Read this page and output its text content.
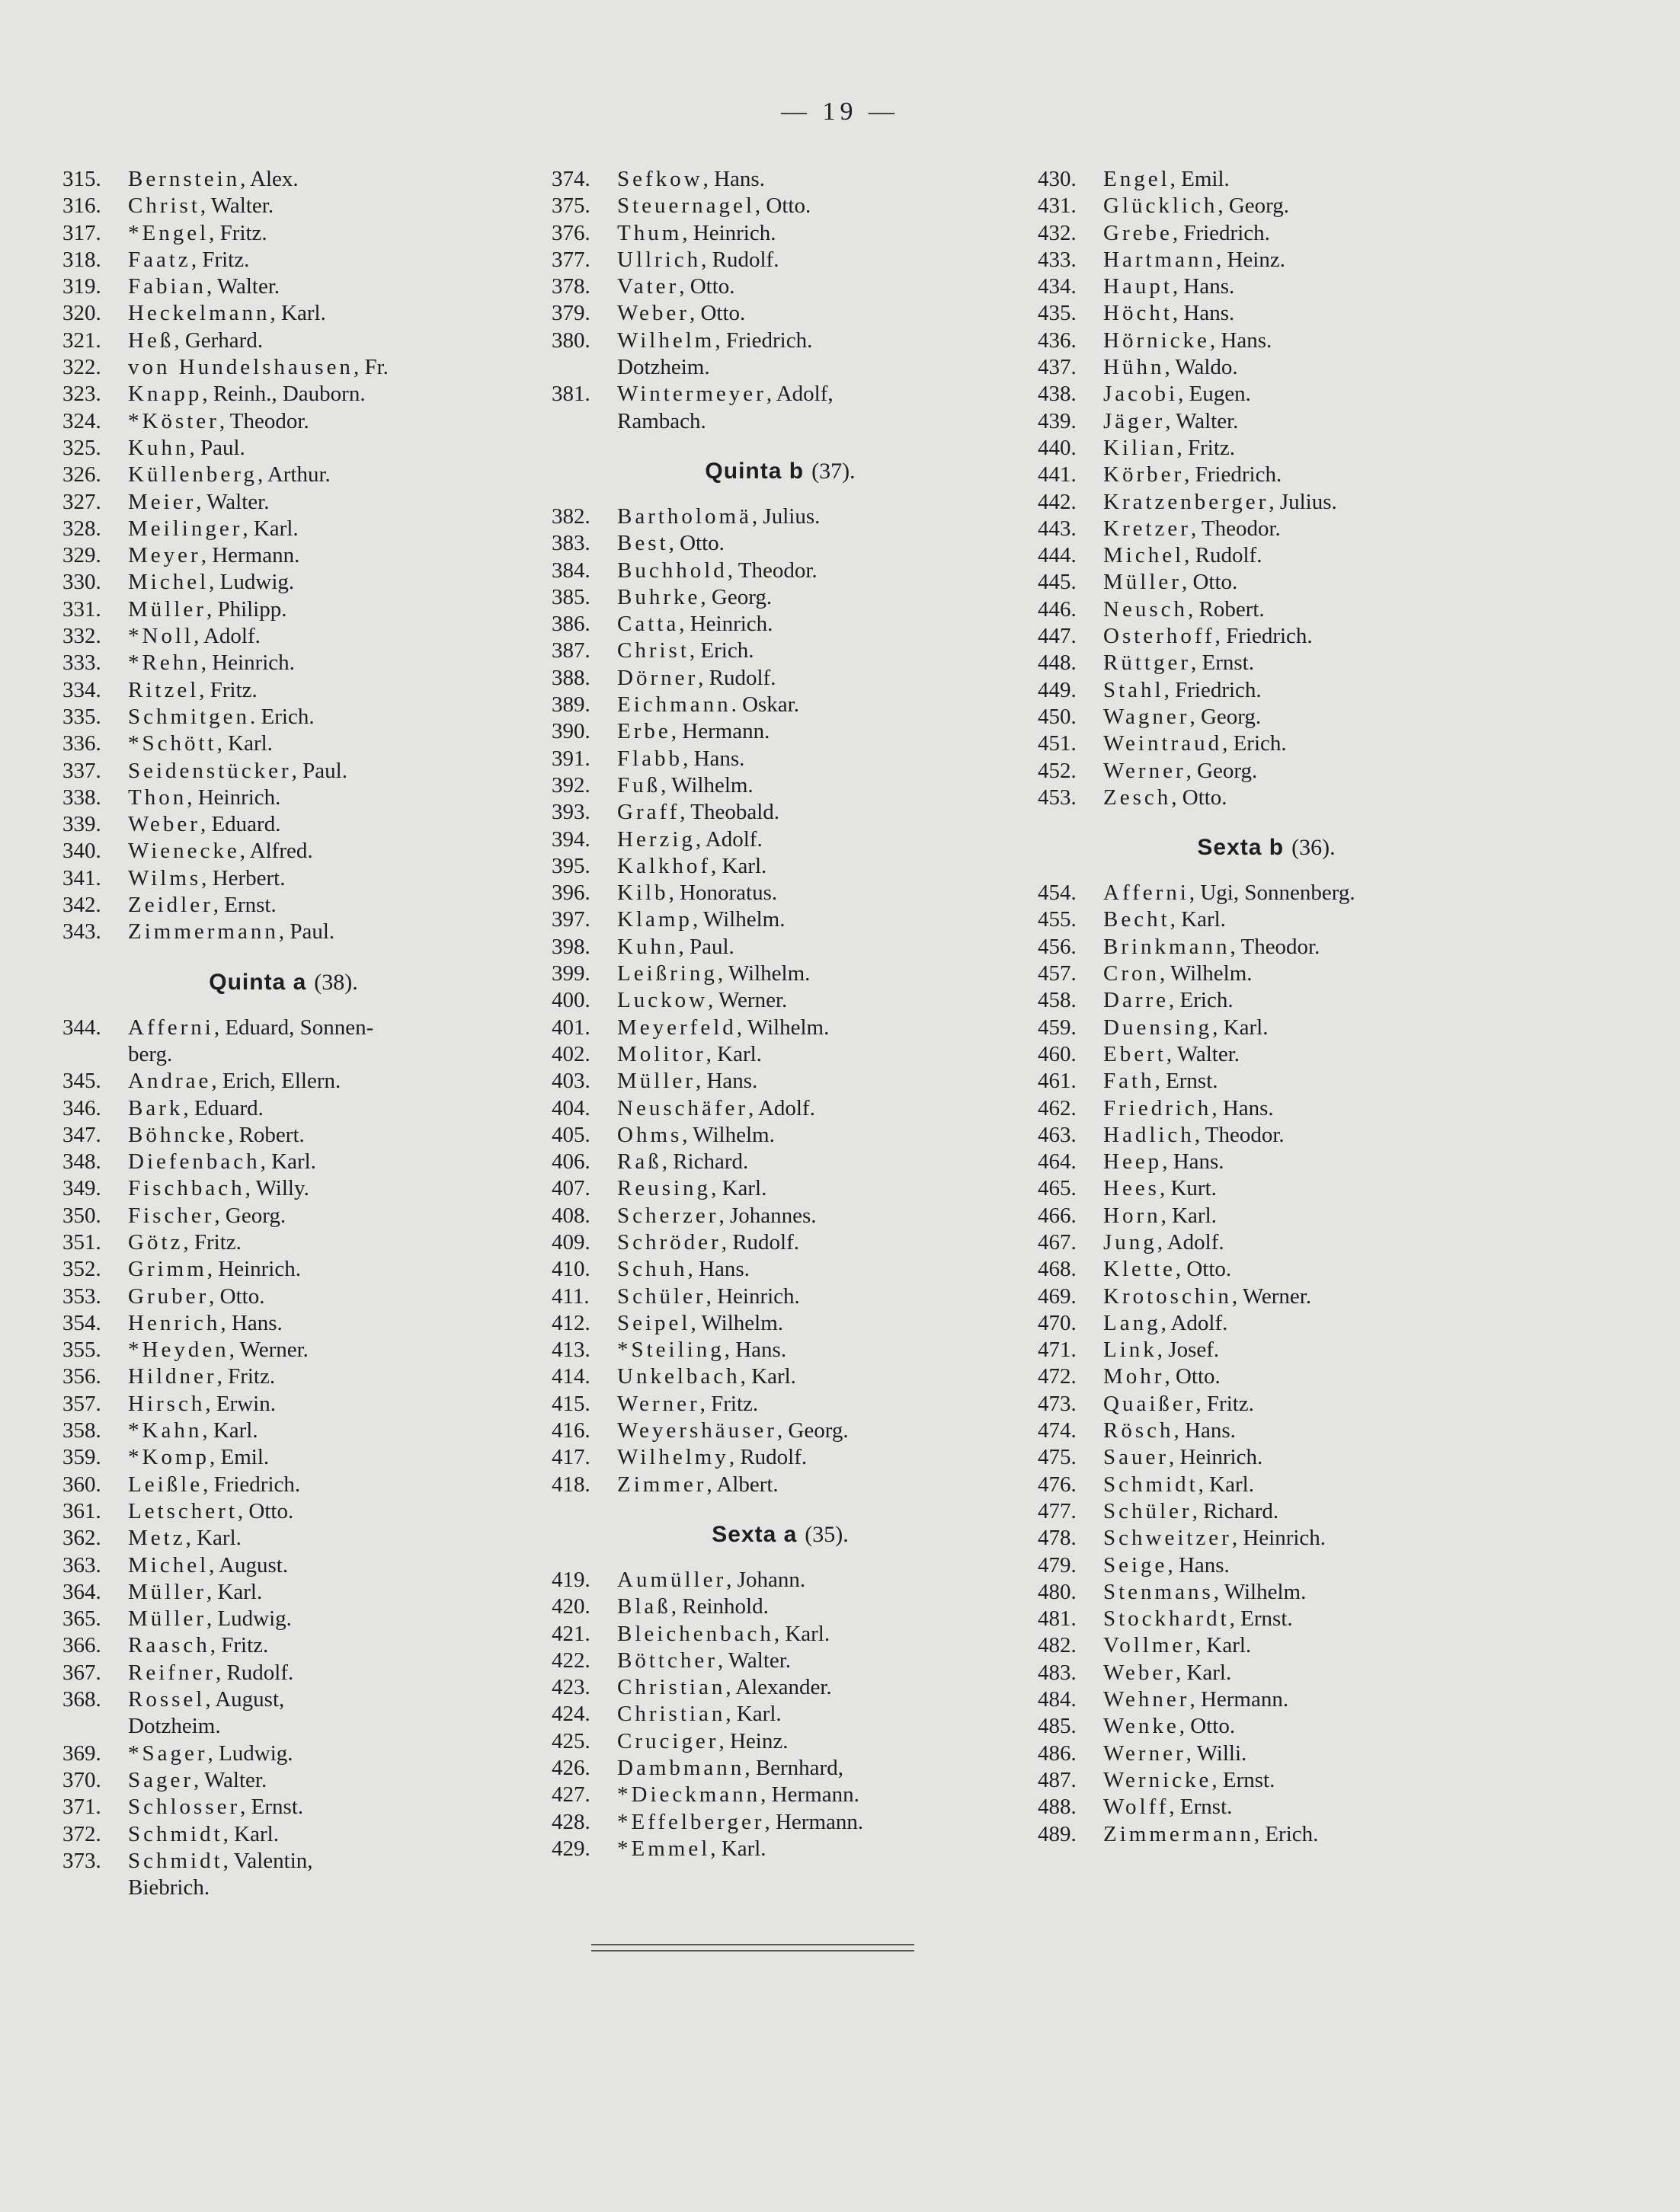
— 19 —
315.	Bernstein, Alex.
316.	Christ, Walter.
317.	*Engel, Fritz.
318.	Faatz, Fritz.
319.	Fabian, Walter.
320.	Heckelmann, Karl.
321.	Heß, Gerhard.
322.	von Hundelshausen, Fr.
323.	Knapp, Reinh., Dauborn.
324.	*Köster, Theodor.
325.	Kuhn, Paul.
326.	Küllenberg, Arthur.
327.	Meier, Walter.
328.	Meilinger, Karl.
329.	Meyer, Hermann.
330.	Michel, Ludwig.
331.	Müller, Philipp.
332.	*Noll, Adolf.
333.	*Rehn, Heinrich.
334.	Ritzel, Fritz.
335.	Schmitgen. Erich.
336.	*Schött, Karl.
337.	Seidenstücker, Paul.
338.	Thon, Heinrich.
339.	Weber, Eduard.
340.	Wienecke, Alfred.
341.	Wilms, Herbert.
342.	Zeidler, Ernst.
343.	Zimmermann, Paul.
Quinta a (38).
344.	Afferni, Eduard, Sonnen-
berg.
345.	Andrae, Erich, Ellern.
346.	Bark, Eduard.
347.	Böhncke, Robert.
348.	Diefenbach, Karl.
349.	Fischbach, Willy.
350.	Fischer, Georg.
351.	Götz, Fritz.
352.	Grimm, Heinrich.
353.	Gruber, Otto.
354.	Henrich, Hans.
355.	*Heyden, Werner.
356.	Hildner, Fritz.
357.	Hirsch, Erwin.
358.	*Kahn, Karl.
359.	*Komp, Emil.
360.	Leißle, Friedrich.
361.	Letschert, Otto.
362.	Metz, Karl.
363.	Michel, August.
364.	Müller, Karl.
365.	Müller, Ludwig.
366.	Raasch, Fritz.
367.	Reifner, Rudolf.
368.	Rossel, August,
Dotzheim.
369.	*Sager, Ludwig.
370.	Sager, Walter.
371.	Schlosser, Ernst.
372.	Schmidt, Karl.
373.	Schmidt, Valentin,
Biebrich.
374.	Sefkow, Hans.
375.	Steuernagel, Otto.
376.	Thum, Heinrich.
377.	Ullrich, Rudolf.
378.	Vater, Otto.
379.	Weber, Otto.
380.	Wilhelm, Friedrich.
Dotzheim.
381.	Wintermeyer, Adolf,
Rambach.
Quinta b (37).
382.	Bartholomä, Julius.
383.	Best, Otto.
384.	Buchhold, Theodor.
385.	Buhrke, Georg.
386.	Catta, Heinrich.
387.	Christ, Erich.
388.	Dörner, Rudolf.
389.	Eichmann. Oskar.
390.	Erbe, Hermann.
391.	Flabb, Hans.
392.	Fuß, Wilhelm.
393.	Graff, Theobald.
394.	Herzig, Adolf.
395.	Kalkhof, Karl.
396.	Kilb, Honoratus.
397.	Klamp, Wilhelm.
398.	Kuhn, Paul.
399.	Leißring, Wilhelm.
400.	Luckow, Werner.
401.	Meyerfeld, Wilhelm.
402.	Molitor, Karl.
403.	Müller, Hans.
404.	Neuschäfer, Adolf.
405.	Ohms, Wilhelm.
406.	Raß, Richard.
407.	Reusing, Karl.
408.	Scherzer, Johannes.
409.	Schröder, Rudolf.
410.	Schuh, Hans.
411.	Schüler, Heinrich.
412.	Seipel, Wilhelm.
413.	*Steiling, Hans.
414.	Unkelbach, Karl.
415.	Werner, Fritz.
416.	Weyershäuser, Georg.
417.	Wilhelmy, Rudolf.
418.	Zimmer, Albert.
Sexta a (35).
419.	Aumüller, Johann.
420.	Blaß, Reinhold.
421.	Bleichenbach, Karl.
422.	Böttcher, Walter.
423.	Christian, Alexander.
424.	Christian, Karl.
425.	Cruciger, Heinz.
426.	Dambmann, Bernhard,
427.	*Dieckmann, Hermann.
428.	*Effelberger, Hermann.
429.	*Emmel, Karl.
430.	Engel, Emil.
431.	Glücklich, Georg.
432.	Grebe, Friedrich.
433.	Hartmann, Heinz.
434.	Haupt, Hans.
435.	Höcht, Hans.
436.	Hörnicke, Hans.
437.	Hühn, Waldo.
438.	Jacobi, Eugen.
439.	Jäger, Walter.
440.	Kilian, Fritz.
441.	Körber, Friedrich.
442.	Kratzenberger, Julius.
443.	Kretzer, Theodor.
444.	Michel, Rudolf.
445.	Müller, Otto.
446.	Neusch, Robert.
447.	Osterhoff, Friedrich.
448.	Rüttger, Ernst.
449.	Stahl, Friedrich.
450.	Wagner, Georg.
451.	Weintraud, Erich.
452.	Werner, Georg.
453.	Zesch, Otto.
Sexta b (36).
454.	Afferni, Ugi, Sonnenberg.
455.	Becht, Karl.
456.	Brinkmann, Theodor.
457.	Cron, Wilhelm.
458.	Darre, Erich.
459.	Duensing, Karl.
460.	Ebert, Walter.
461.	Fath, Ernst.
462.	Friedrich, Hans.
463.	Hadlich, Theodor.
464.	Heep, Hans.
465.	Hees, Kurt.
466.	Horn, Karl.
467.	Jung, Adolf.
468.	Klette, Otto.
469.	Krotoschin, Werner.
470.	Lang, Adolf.
471.	Link, Josef.
472.	Mohr, Otto.
473.	Quaißer, Fritz.
474.	Rösch, Hans.
475.	Sauer, Heinrich.
476.	Schmidt, Karl.
477.	Schüler, Richard.
478.	Schweitzer, Heinrich.
479.	Seige, Hans.
480.	Stenmans, Wilhelm.
481.	Stockhardt, Ernst.
482.	Vollmer, Karl.
483.	Weber, Karl.
484.	Wehner, Hermann.
485.	Wenke, Otto.
486.	Werner, Willi.
487.	Wernicke, Ernst.
488.	Wolff, Ernst.
489.	Zimmermann, Erich.
